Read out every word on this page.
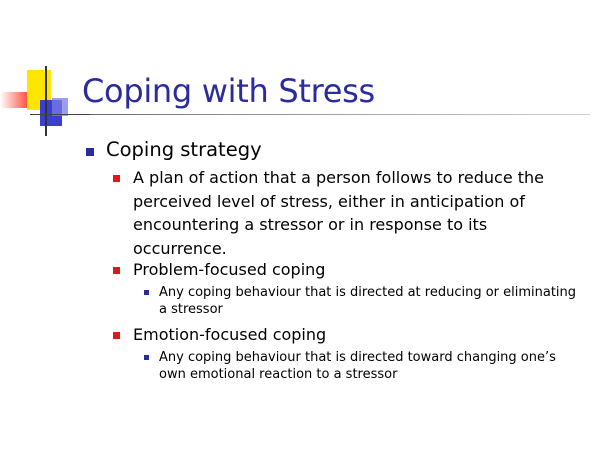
Coping with Stress
Coping strategy
A plan of action that a person follows to reduce the perceived level of stress, either in anticipation of encountering a stressor or in response to its occurrence.
Problem-focused coping
Any coping behaviour that is directed at reducing or eliminating a stressor
Emotion-focused coping
Any coping behaviour that is directed toward changing one’s own emotional reaction to a stressor
